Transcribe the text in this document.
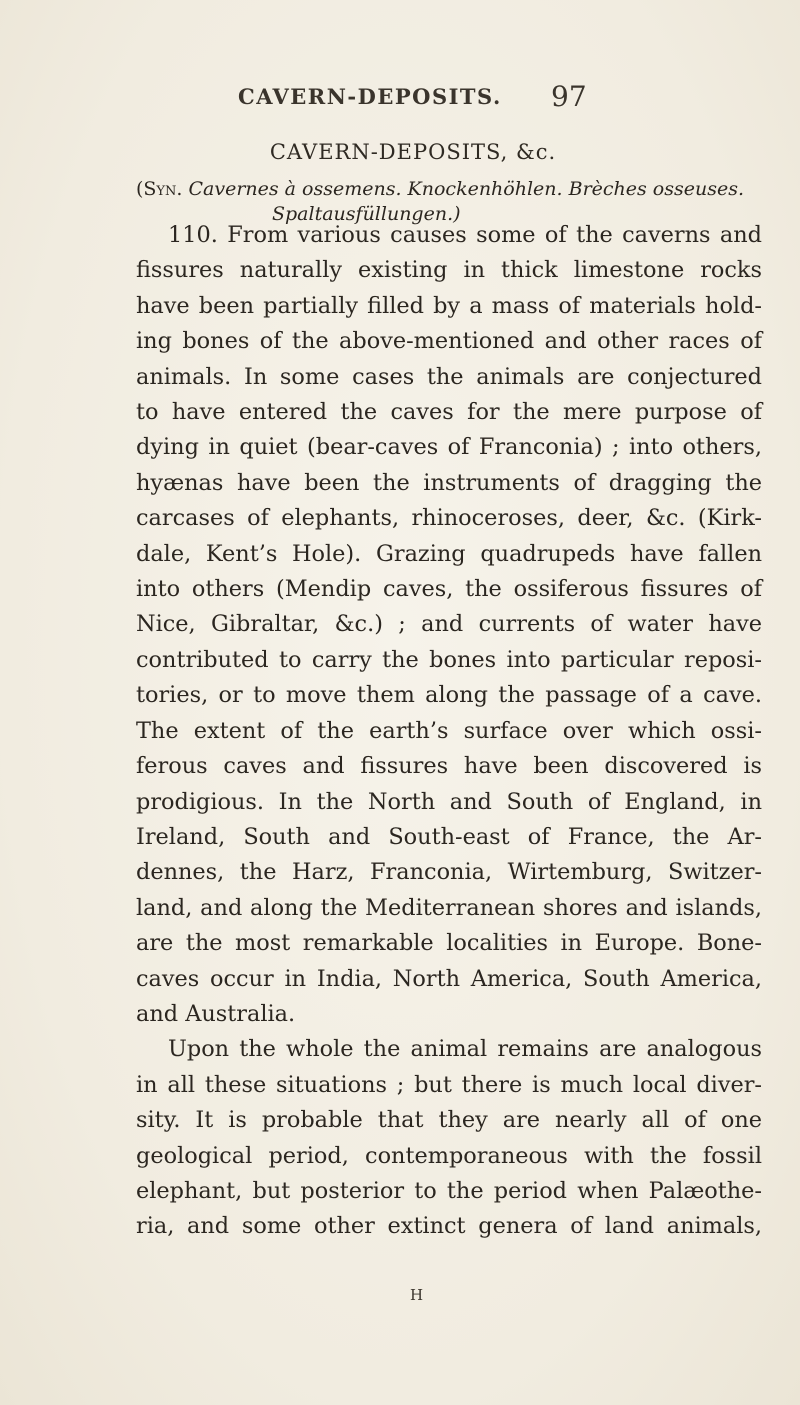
CAVERN-DEPOSITS. 97
CAVERN-DEPOSITS, &c.
(Syn. Cavernes à ossemens. Knockenhöhlen. Brèches osseuses.
Spaltausfüllungen.)
110. From various causes some of the caverns and
fissures naturally existing in thick limestone rocks
have been partially filled by a mass of materials hold-
ing bones of the above-mentioned and other races of
animals. In some cases the animals are conjectured
to have entered the caves for the mere purpose of
dying in quiet (bear-caves of Franconia) ; into others,
hyænas have been the instruments of dragging the
carcases of elephants, rhinoceroses, deer, &c. (Kirk-
dale, Kent’s Hole). Grazing quadrupeds have fallen
into others (Mendip caves, the ossiferous fissures of
Nice, Gibraltar, &c.) ; and currents of water have
contributed to carry the bones into particular reposi-
tories, or to move them along the passage of a cave.
The extent of the earth’s surface over which ossi-
ferous caves and fissures have been discovered is
prodigious. In the North and South of England, in
Ireland, South and South-east of France, the Ar-
dennes, the Harz, Franconia, Wirtemburg, Switzer-
land, and along the Mediterranean shores and islands,
are the most remarkable localities in Europe. Bone-
caves occur in India, North America, South America,
and Australia.
Upon the whole the animal remains are analogous
in all these situations ; but there is much local diver-
sity. It is probable that they are nearly all of one
geological period, contemporaneous with the fossil
elephant, but posterior to the period when Palæothe-
ria, and some other extinct genera of land animals,
H
